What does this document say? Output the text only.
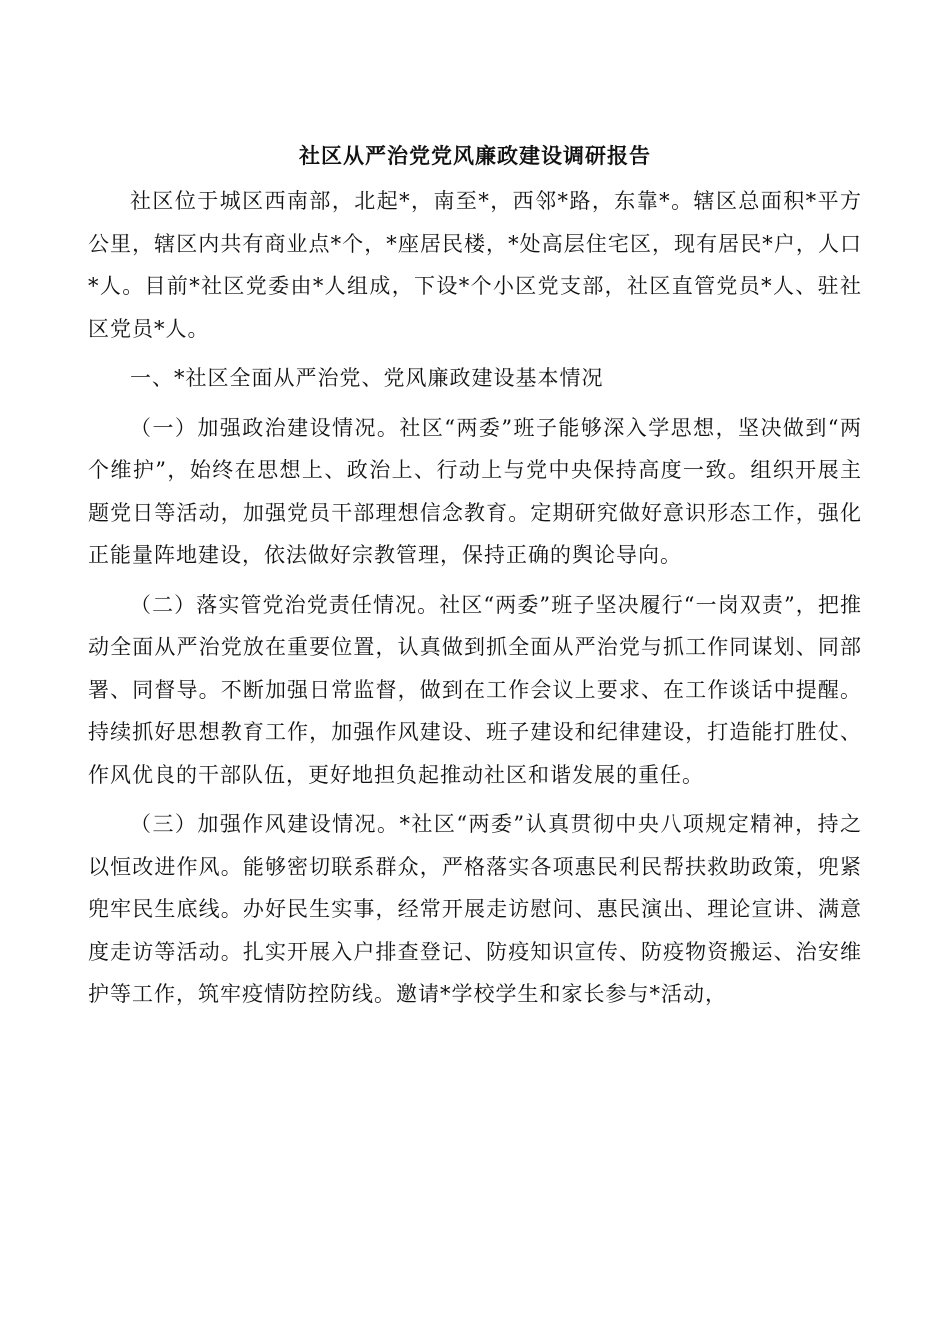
社区从严治党党风廉政建设调研报告

社区位于城区西南部，北起*，南至*，西邻*路，东靠*。辖区总面积*平方公里，辖区内共有商业点*个，*座居民楼，*处高层住宅区，现有居民*户，人口*人。目前*社区党委由*人组成，下设*个小区党支部，社区直管党员*人、驻社区党员*人。

一、*社区全面从严治党、党风廉政建设基本情况

（一）加强政治建设情况。社区“两委”班子能够深入学思想，坚决做到“两个维护”，始终在思想上、政治上、行动上与党中央保持高度一致。组织开展主题党日等活动，加强党员干部理想信念教育。定期研究做好意识形态工作，强化正能量阵地建设，依法做好宗教管理，保持正确的舆论导向。

（二）落实管党治党责任情况。社区“两委”班子坚决履行“一岗双责”，把推动全面从严治党放在重要位置，认真做到抓全面从严治党与抓工作同谋划、同部署、同督导。不断加强日常监督，做到在工作会议上要求、在工作谈话中提醒。持续抓好思想教育工作，加强作风建设、班子建设和纪律建设，打造能打胜仗、作风优良的干部队伍，更好地担负起推动社区和谐发展的重任。

（三）加强作风建设情况。*社区“两委”认真贯彻中央八项规定精神，持之以恒改进作风。能够密切联系群众，严格落实各项惠民利民帮扶救助政策，兜紧兜牢民生底线。办好民生实事，经常开展走访慰问、惠民演出、理论宣讲、满意度走访等活动。扎实开展入户排查登记、防疫知识宣传、防疫物资搬运、治安维护等工作，筑牢疫情防控防线。邀请*学校学生和家长参与*活动，
